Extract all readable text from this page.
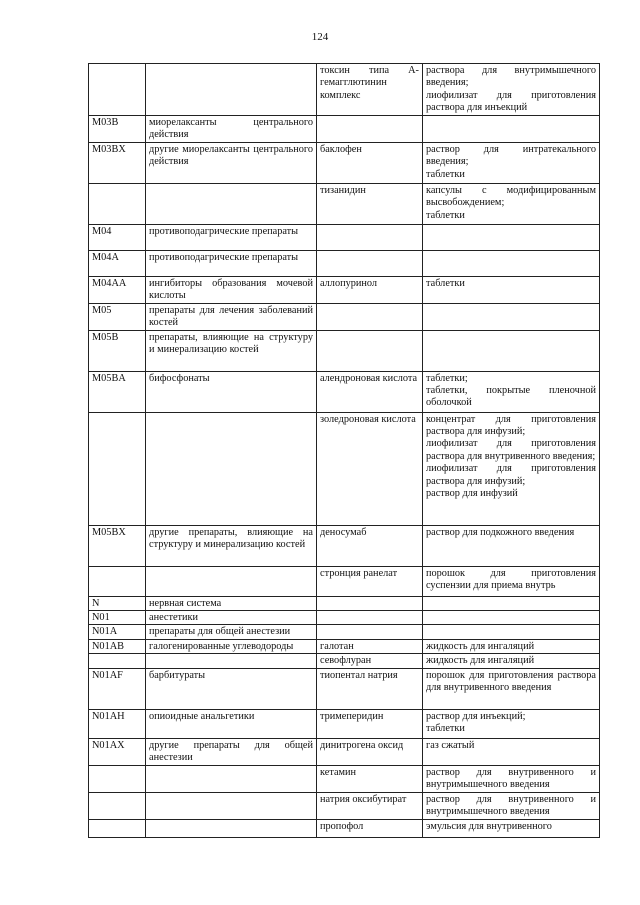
124
		токсин типа A-гемагглютинин комплекс	раствора для внутримышечного введения;
лиофилизат для приготовления раствора для инъекций

M03B	миорелаксанты центрального действия		
M03BX	другие миорелаксанты центрального действия	баклофен	раствор для интратекального введения;
таблетки

		тизанидин	капсулы с модифицированным высвобождением;
таблетки

M04	противоподагрические препараты		
M04A	противоподагрические препараты		
M04AA	ингибиторы образования мочевой кислоты	аллопуринол	таблетки

M05	препараты для лечения заболеваний костей		
M05B	препараты, влияющие на структуру и минерализацию костей		
M05BA	бифосфонаты	алендроновая кислота	таблетки;
таблетки, покрытые пленочной оболочкой

		золедроновая кислота	концентрат для приготовления раствора для инфузий;
лиофилизат для приготовления раствора для внутривенного введения;
лиофилизат для приготовления раствора для инфузий;
раствор для инфузий

M05BX	другие препараты, влияющие на структуру и минерализацию костей	деносумаб	раствор для подкожного введения

		стронция ранелат	порошок для приготовления суспензии для приема внутрь

N	нервная система		
N01	анестетики		
N01A	препараты для общей анестезии		
N01AB	галогенированные углеводороды	галотан	жидкость для ингаляций

		севофлуран	жидкость для ингаляций

N01AF	барбитураты	тиопентал натрия	порошок для приготовления раствора для внутривенного введения

N01AH	опиоидные анальгетики	тримеперидин	раствор для инъекций;
таблетки

N01AX	другие препараты для общей анестезии	динитрогена оксид	газ сжатый

		кетамин	раствор для внутривенного и внутримышечного введения

		натрия оксибутират	раствор для внутривенного и внутримышечного введения

		пропофол	эмульсия для внутривенного
